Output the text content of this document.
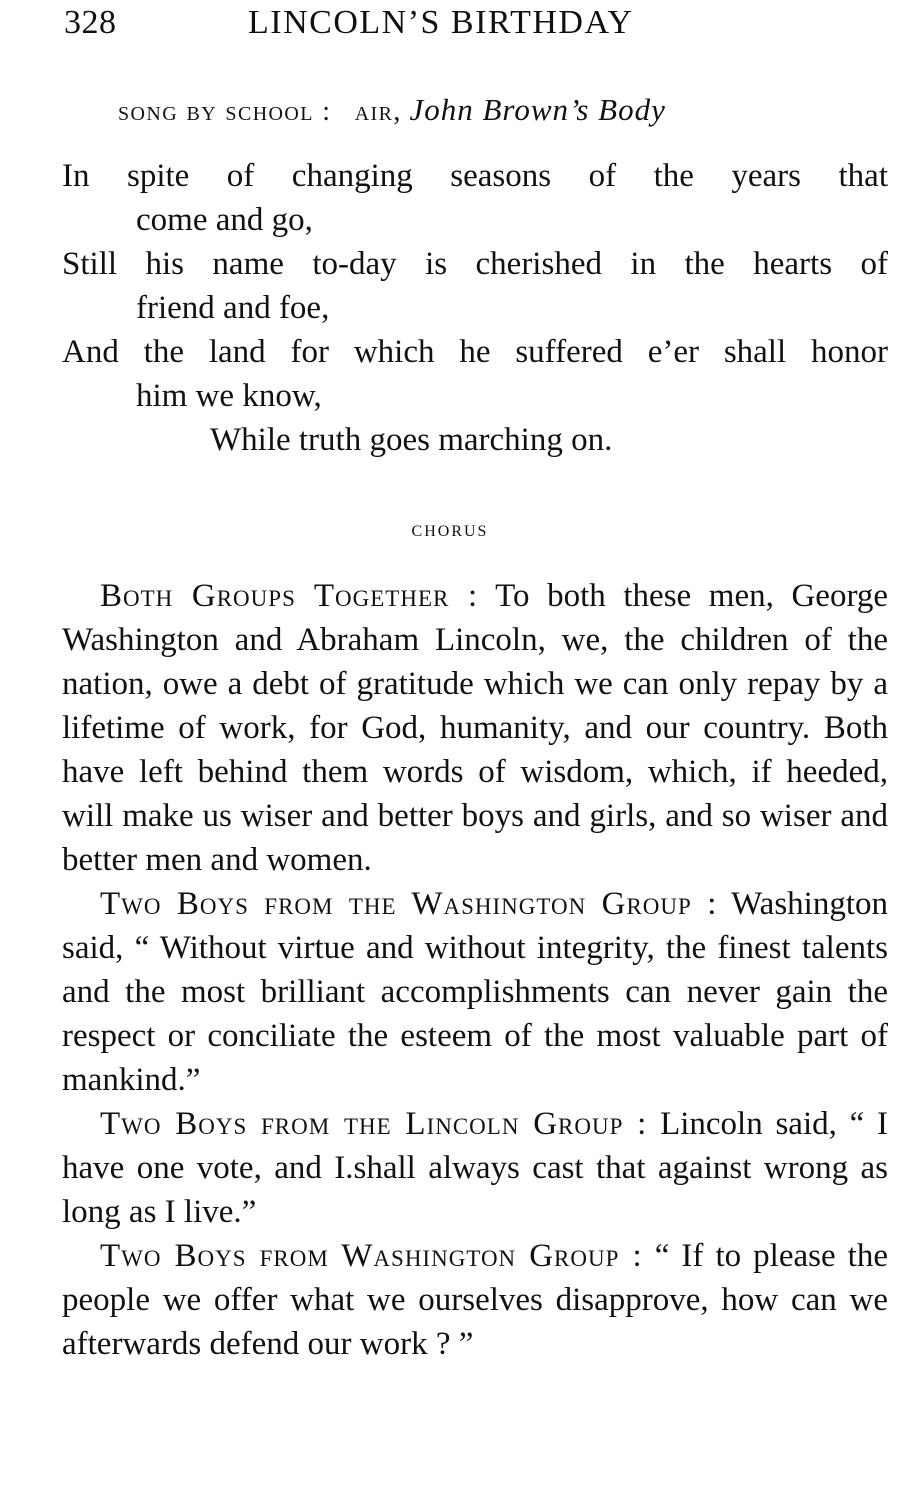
328	LINCOLN’S BIRTHDAY
song by school : air, John Brown’s Body
In spite of changing seasons of the years that
come and go,
Still his name to-day is cherished in the hearts of
friend and foe,
And the land for which he suffered e’er shall honor
him we know,
While truth goes marching on.
chorus

Both Groups Together : To both these men, George Washington and Abraham Lincoln, we, the children of the nation, owe a debt of gratitude which we can only repay by a lifetime of work, for God, humanity, and our country. Both have left behind them words of wisdom, which, if heeded, will make us wiser and better boys and girls, and so wiser and better men and women.

Two Boys from the Washington Group : Washington said, “ Without virtue and without integrity, the finest talents and the most brilliant accomplishments can never gain the respect or conciliate the esteem of the most valuable part of mankind.”

Two Boys from the Lincoln Group : Lincoln said, “ I have one vote, and I.shall always cast that against wrong as long as I live.”

Two Boys from Washington Group : “ If to please the people we offer what we ourselves disapprove, how can we afterwards defend our work ? ”
